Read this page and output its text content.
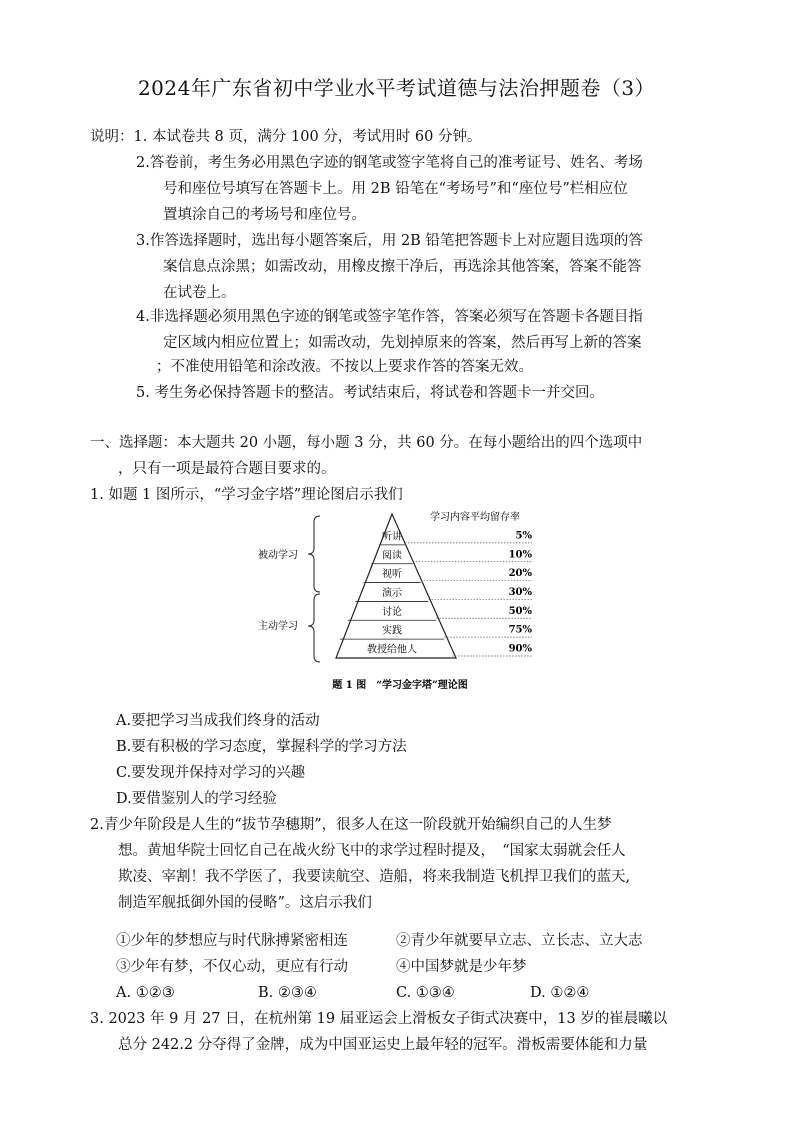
2024年广东省初中学业水平考试道德与法治押题卷（3）
说明：1. 本试卷共 8 页，满分 100 分，考试用时 60 分钟。
2.答卷前，考生务必用黑色字迹的钢笔或签字笔将自己的准考证号、姓名、考场
号和座位号填写在答题卡上。用 2B 铅笔在“考场号”和“座位号”栏相应位
置填涂自己的考场号和座位号。
3.作答选择题时，选出每小题答案后，用 2B 铅笔把答题卡上对应题目选项的答
案信息点涂黑；如需改动，用橡皮擦干净后，再选涂其他答案，答案不能答
在试卷上。
4.非选择题必须用黑色字迹的钢笔或签字笔作答，答案必须写在答题卡各题目指
定区域内相应位置上；如需改动，先划掉原来的答案，然后再写上新的答案
；不准使用铅笔和涂改液。不按以上要求作答的答案无效。
5. 考生务必保持答题卡的整洁。考试结束后，将试卷和答题卡一并交回。
一、选择题：本大题共 20 小题，每小题 3 分，共 60 分。在每小题给出的四个选项中
，只有一项是最符合题目要求的。
1. 如题 1 图所示，“学习金字塔”理论图启示我们
学习内容平均留存率
被动学习
主动学习
听讲	5%
阅读	10%
视听	20%
演示	30%
讨论	50%
实践	75%
教授给他人	90%
题 1 图　“学习金字塔”理论图
A.要把学习当成我们终身的活动
B.要有积极的学习态度，掌握科学的学习方法
C.要发现并保持对学习的兴趣
D.要借鉴别人的学习经验
2.青少年阶段是人生的“拔节孕穗期”，很多人在这一阶段就开始编织自己的人生梦
想。黄旭华院士回忆自己在战火纷飞中的求学过程时提及，　“国家太弱就会任人
欺凌、宰割！我不学医了，我要读航空、造船，将来我制造飞机捍卫我们的蓝天,
制造军舰抵御外国的侵略”。这启示我们
①少年的梦想应与时代脉搏紧密相连	②青少年就要早立志、立长志、立大志
③少年有梦，不仅心动，更应有行动	④中国梦就是少年梦
A. ①②③	B. ②③④	C. ①③④	D. ①②④
3. 2023 年 9 月 27 日，在杭州第 19 届亚运会上滑板女子街式决赛中，13 岁的崔晨曦以
总分 242.2 分夺得了金牌，成为中国亚运史上最年轻的冠军。滑板需要体能和力量
